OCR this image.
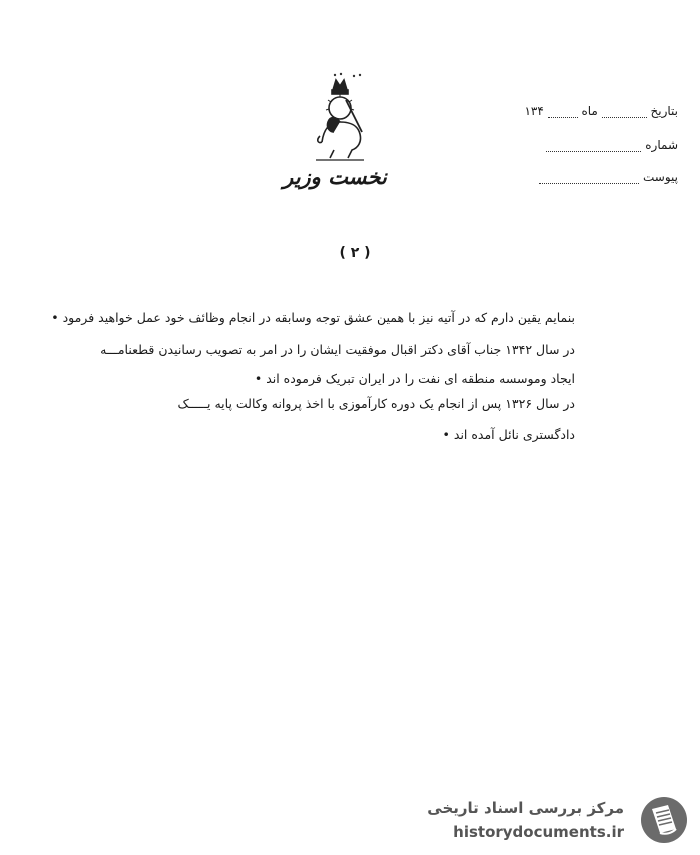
نخست وزیر
بتاریخ  ماه  ۱۳۴
شماره
پیوست
( ۲ )
بنمایم یقین دارم که در آتیه نیز با همین عشق توجه وسابقه در انجام وظائف خود عمل خواهید فرمود •
در سال ۱۳۴۲ جناب آقای دکتر اقبال موفقیت ایشان را در امر به تصویب رسانیدن قطعنامـــه
ایجاد وموسسه منطقه ای نفت را در ایران تبریک فرموده اند •
در سال ۱۳۲۶ پس از انجام یک دوره کارآموزی با اخذ پروانه وکالت پایه یـــــک
دادگستری نائل آمده اند •
مرکز بررسی اسناد تاریخی
historydocuments.ir
